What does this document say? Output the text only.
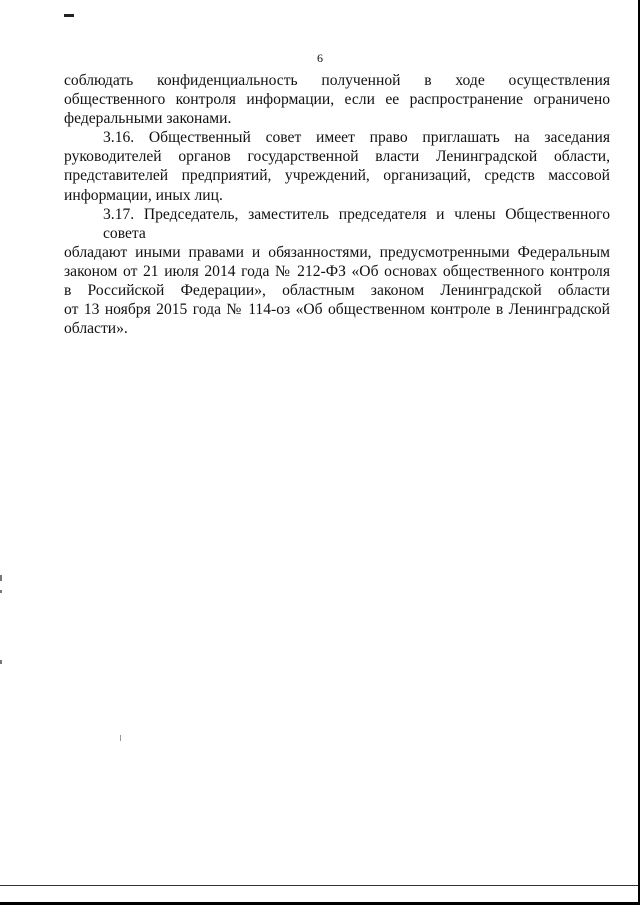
6

соблюдать конфиденциальность полученной в ходе осуществления
общественного контроля информации, если ее распространение ограничено
федеральными законами.

3.16. Общественный совет имеет право приглашать на заседания
руководителей органов государственной власти Ленинградской области,
представителей предприятий, учреждений, организаций, средств массовой
информации, иных лиц.

3.17. Председатель, заместитель председателя и члены Общественного совета
обладают иными правами и обязанностями, предусмотренными Федеральным
законом от 21 июля 2014 года № 212-ФЗ «Об основах общественного контроля
в Российской Федерации», областным законом Ленинградской области
от 13 ноября 2015 года № 114-оз «Об общественном контроле в Ленинградской
области».
